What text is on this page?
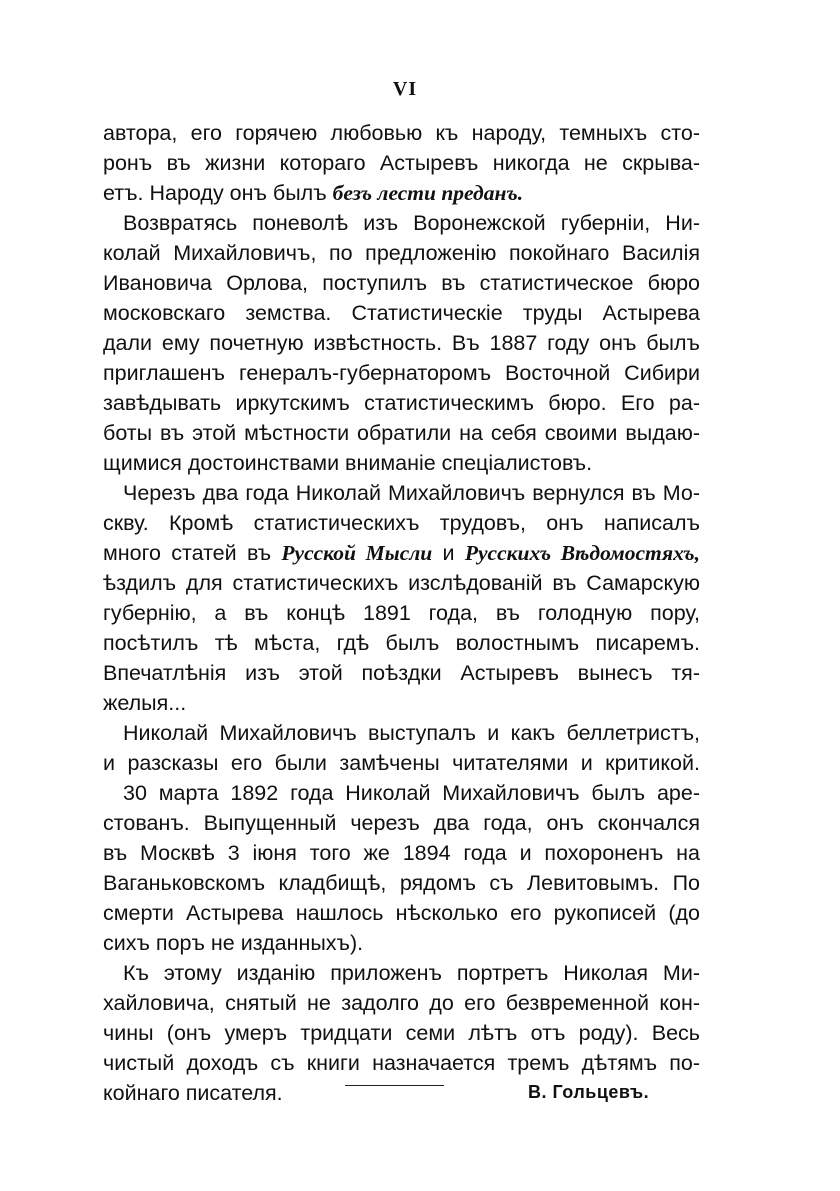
VI
автора, его горячею любовью къ народу, темныхъ сто-
ронъ въ жизни котораго Астыревъ никогда не скрыва-
етъ. Народу онъ былъ безъ лести преданъ.
Возвратясь поневолѣ изъ Воронежской губерніи, Ни-
колай Михайловичъ, по предложенію покойнаго Василія
Ивановича Орлова, поступилъ въ статистическое бюро
московскаго земства. Статистическіе труды Астырева
дали ему почетную извѣстность. Въ 1887 году онъ былъ
приглашенъ генералъ-губернаторомъ Восточной Сибири
завѣдывать иркутскимъ статистическимъ бюро. Его ра-
боты въ этой мѣстности обратили на себя своими выдаю-
щимися достоинствами вниманіе спеціалистовъ.
Черезъ два года Николай Михайловичъ вернулся въ Мо-
скву. Кромѣ статистическихъ трудовъ, онъ написалъ
много статей въ Русской Мысли и Русскихъ Вѣдомостяхъ,
ѣздилъ для статистическихъ изслѣдованій въ Самарскую
губернію, а въ концѣ 1891 года, въ голодную пору,
посѣтилъ тѣ мѣста, гдѣ былъ волостнымъ писаремъ.
Впечатлѣнія изъ этой поѣздки Астыревъ вынесъ тя-
желыя...
Николай Михайловичъ выступалъ и какъ беллетристъ,
и разсказы его были замѣчены читателями и критикой.
30 марта 1892 года Николай Михайловичъ былъ аре-
стованъ. Выпущенный черезъ два года, онъ скончался
въ Москвѣ 3 іюня того же 1894 года и похороненъ на
Ваганьковскомъ кладбищѣ, рядомъ съ Левитовымъ. По
смерти Астырева нашлось нѣсколько его рукописей (до
сихъ поръ не изданныхъ).
Къ этому изданію приложенъ портретъ Николая Ми-
хайловича, снятый не задолго до его безвременной кон-
чины (онъ умеръ тридцати семи лѣтъ отъ роду). Весь
чистый доходъ съ книги назначается тремъ дѣтямъ по-
койнаго писателя.	В. Гольцевъ.
